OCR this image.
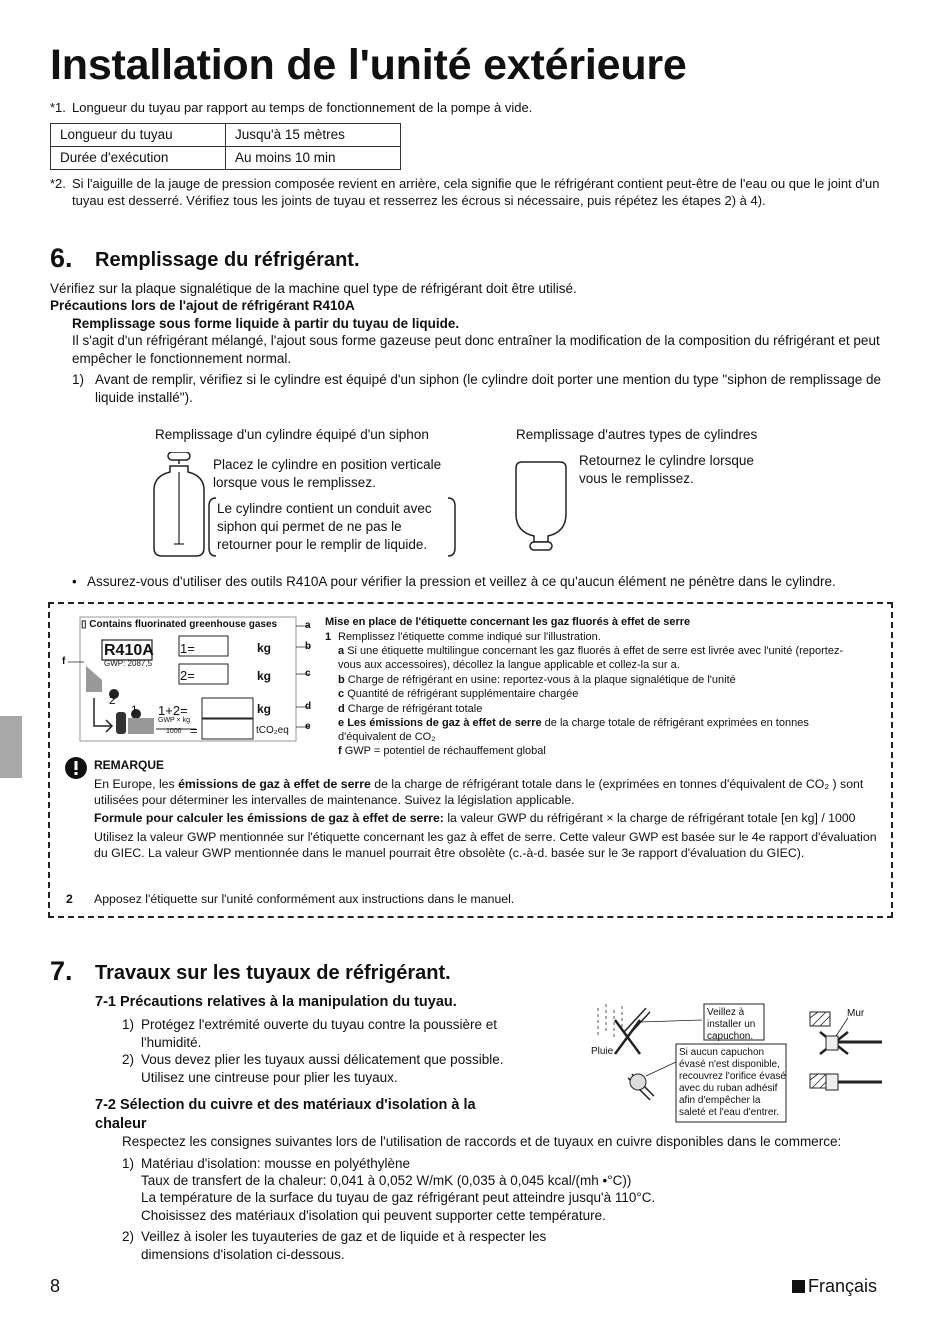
Installation de l'unité extérieure
*1. Longueur du tuyau par rapport au temps de fonctionnement de la pompe à vide.
Longueur du tuyau	Jusqu'à 15 mètres
Durée d'exécution	Au moins 10 min
*2. Si l'aiguille de la jauge de pression composée revient en arrière, cela signifie que le réfrigérant contient peut-être de l'eau ou que le joint d'un tuyau est desserré. Vérifiez tous les joints de tuyau et resserrez les écrous si nécessaire, puis répétez les étapes 2) à 4).
6. Remplissage du réfrigérant.
Vérifiez sur la plaque signalétique de la machine quel type de réfrigérant doit être utilisé.
Précautions lors de l'ajout de réfrigérant R410A
Remplissage sous forme liquide à partir du tuyau de liquide.
Il s'agit d'un réfrigérant mélangé, l'ajout sous forme gazeuse peut donc entraîner la modification de la composition du réfrigérant et peut empêcher le fonctionnement normal.
1) Avant de remplir, vérifiez si le cylindre est équipé d'un siphon (le cylindre doit porter une mention du type "siphon de remplissage de liquide installé").
Remplissage d'un cylindre équipé d'un siphon	Remplissage d'autres types de cylindres
Placez le cylindre en position verticale lorsque vous le remplissez.
Le cylindre contient un conduit avec siphon qui permet de ne pas le retourner pour le remplir de liquide.
Retournez le cylindre lorsque vous le remplissez.
• Assurez-vous d'utiliser des outils R410A pour vérifier la pression et veillez à ce qu'aucun élément ne pénètre dans le cylindre.
▯ Contains fluorinated greenhouse gases
R410A
GWP: 2087,5
1=
2=
1+2=
=
2
1
kg
kg
kg
tCO₂eq
GWP × kg
1000
a
b
c
d
e
f
Mise en place de l'étiquette concernant les gaz fluorés à effet de serre
1 Remplissez l'étiquette comme indiqué sur l'illustration.
a Si une étiquette multilingue concernant les gaz fluorés à effet de serre est livrée avec l'unité (reportez-vous aux accessoires), décollez la langue applicable et collez-la sur a.
b Charge de réfrigérant en usine: reportez-vous à la plaque signalétique de l'unité
c Quantité de réfrigérant supplémentaire chargée
d Charge de réfrigérant totale
e Les émissions de gaz à effet de serre de la charge totale de réfrigérant exprimées en tonnes d'équivalent de CO₂
f GWP = potentiel de réchauffement global
REMARQUE
En Europe, les émissions de gaz à effet de serre de la charge de réfrigérant totale dans le (exprimées en tonnes d'équivalent de CO₂ ) sont utilisées pour déterminer les intervalles de maintenance. Suivez la législation applicable.
Formule pour calculer les émissions de gaz à effet de serre: la valeur GWP du réfrigérant × la charge de réfrigérant totale [en kg] / 1000
Utilisez la valeur GWP mentionnée sur l'étiquette concernant les gaz à effet de serre. Cette valeur GWP est basée sur le 4e rapport d'évaluation du GIEC. La valeur GWP mentionnée dans le manuel pourrait être obsolète (c.-à-d. basée sur le 3e rapport d'évaluation du GIEC).
2 Apposez l'étiquette sur l'unité conformément aux instructions dans le manuel.
7. Travaux sur les tuyaux de réfrigérant.
7-1 Précautions relatives à la manipulation du tuyau.
1) Protégez l'extrémité ouverte du tuyau contre la poussière et l'humidité.
2) Vous devez plier les tuyaux aussi délicatement que possible. Utilisez une cintreuse pour plier les tuyaux.
Pluie
Veillez à installer un capuchon.
Mur
Si aucun capuchon évasé n'est disponible, recouvrez l'orifice évasé avec du ruban adhésif afin d'empêcher la saleté et l'eau d'entrer.
7-2 Sélection du cuivre et des matériaux d'isolation à la chaleur
Respectez les consignes suivantes lors de l'utilisation de raccords et de tuyaux en cuivre disponibles dans le commerce:
1) Matériau d'isolation: mousse en polyéthylène
Taux de transfert de la chaleur: 0,041 à 0,052 W/mK (0,035 à 0,045 kcal/(mh •°C))
La température de la surface du tuyau de gaz réfrigérant peut atteindre jusqu'à 110°C.
Choisissez des matériaux d'isolation qui peuvent supporter cette température.
2) Veillez à isoler les tuyauteries de gaz et de liquide et à respecter les dimensions d'isolation ci-dessous.
8	Français
